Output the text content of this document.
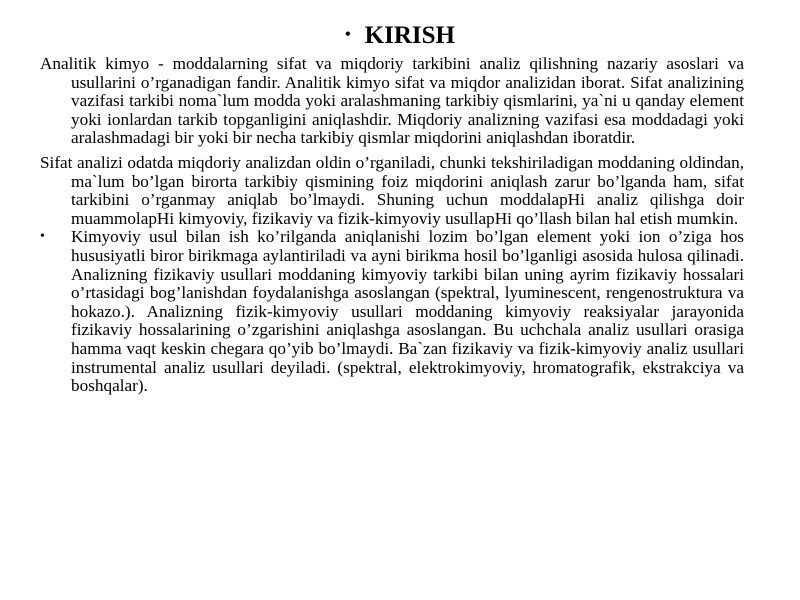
• KIRISH

Analitik kimyo - moddalarning sifat va miqdoriy tarkibini analiz qilishning nazariy asoslari va usullarini o’rganadigan fandir. Analitik kimyo sifat va miqdor analizidan iborat. Sifat analizining vazifasi tarkibi noma`lum modda yoki aralashmaning tarkibiy qismlarini, ya`ni u qanday element yoki ionlardan tarkib topganligini aniqlashdir. Miqdoriy analizning vazifasi esa moddadagi yoki aralashmadagi bir yoki bir necha tarkibiy qismlar miqdorini aniqlashdan iboratdir.

Sifat analizi odatda miqdoriy analizdan oldin o’rganiladi, chunki tekshiriladigan moddaning oldindan, ma`lum bo’lgan birorta tarkibiy qismining foiz miqdorini aniqlash zarur bo’lganda ham, sifat tarkibini o’rganmay aniqlab bo’lmaydi. Shuning uchun moddalapHi analiz qilishga doir muammolapHi kimyoviy, fizikaviy va fizik-kimyoviy usullapHi qo’llash bilan hal etish mumkin.

• Kimyoviy usul bilan ish ko’rilganda aniqlanishi lozim bo’lgan element yoki ion o’ziga hos hususiyatli biror birikmaga aylantiriladi va ayni birikma hosil bo’lganligi asosida hulosa qilinadi. Analizning fizikaviy usullari moddaning kimyoviy tarkibi bilan uning ayrim fizikaviy hossalari o’rtasidagi bog’lanishdan foydalanishga asoslangan (spektral, lyuminescent, rengenostruktura va hokazo.). Analizning fizik-kimyoviy usullari moddaning kimyoviy reaksiyalar jarayonida fizikaviy hossalarining o’zgarishini aniqlashga asoslangan. Bu uchchala analiz usullari orasiga hamma vaqt keskin chegara qo’yib bo’lmaydi. Ba`zan fizikaviy va fizik-kimyoviy analiz usullari instrumental analiz usullari deyiladi. (spektral, elektrokimyoviy, hromatografik, ekstrakciya va boshqalar).
